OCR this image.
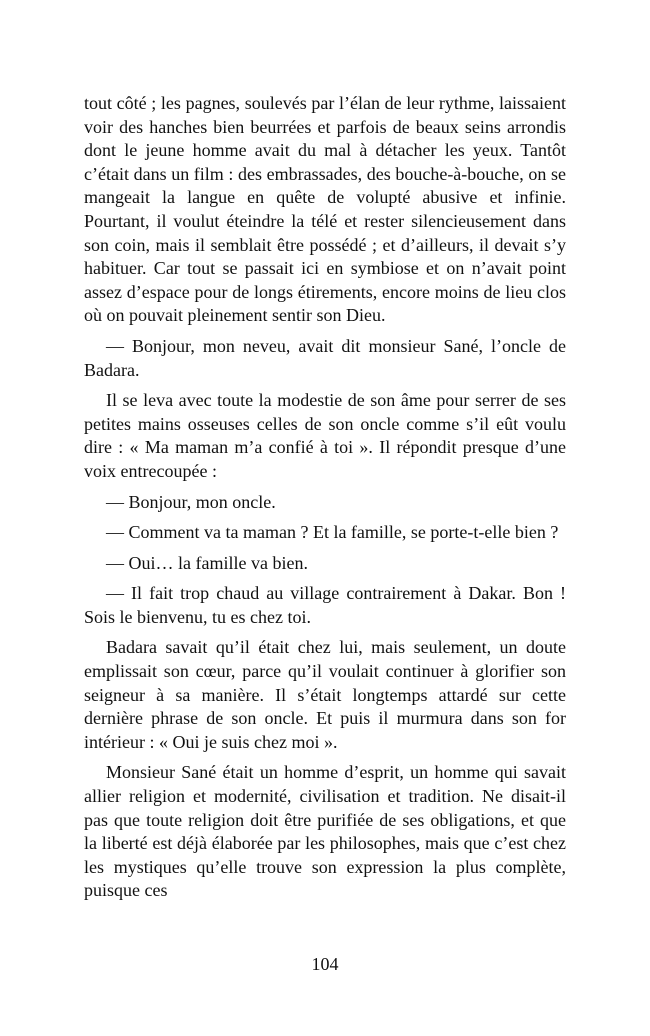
tout côté ; les pagnes, soulevés par l’élan de leur rythme, laissaient voir des hanches bien beurrées et parfois de beaux seins arrondis dont le jeune homme avait du mal à détacher les yeux. Tantôt c’était dans un film : des embrassades, des bouche-à-bouche, on se mangeait la langue en quête de volupté abusive et infinie. Pourtant, il voulut éteindre la télé et rester silencieusement dans son coin, mais il semblait être possédé ; et d’ailleurs, il devait s’y habituer. Car tout se passait ici en symbiose et on n’avait point assez d’espace pour de longs étirements, encore moins de lieu clos où on pouvait pleinement sentir son Dieu.

— Bonjour, mon neveu, avait dit monsieur Sané, l’oncle de Badara.

Il se leva avec toute la modestie de son âme pour serrer de ses petites mains osseuses celles de son oncle comme s’il eût voulu dire : « Ma maman m’a confié à toi ». Il répondit presque d’une voix entrecoupée :

— Bonjour, mon oncle.

— Comment va ta maman ? Et la famille, se porte-t-elle bien ?

— Oui… la famille va bien.

— Il fait trop chaud au village contrairement à Dakar. Bon ! Sois le bienvenu, tu es chez toi.

Badara savait qu’il était chez lui, mais seulement, un doute emplissait son cœur, parce qu’il voulait continuer à glorifier son seigneur à sa manière. Il s’était longtemps attardé sur cette dernière phrase de son oncle. Et puis il murmura dans son for intérieur : « Oui je suis chez moi ».

Monsieur Sané était un homme d’esprit, un homme qui savait allier religion et modernité, civilisation et tradition. Ne disait-il pas que toute religion doit être purifiée de ses obligations, et que la liberté est déjà élaborée par les philosophes, mais que c’est chez les mystiques qu’elle trouve son expression la plus complète, puisque ces

104
